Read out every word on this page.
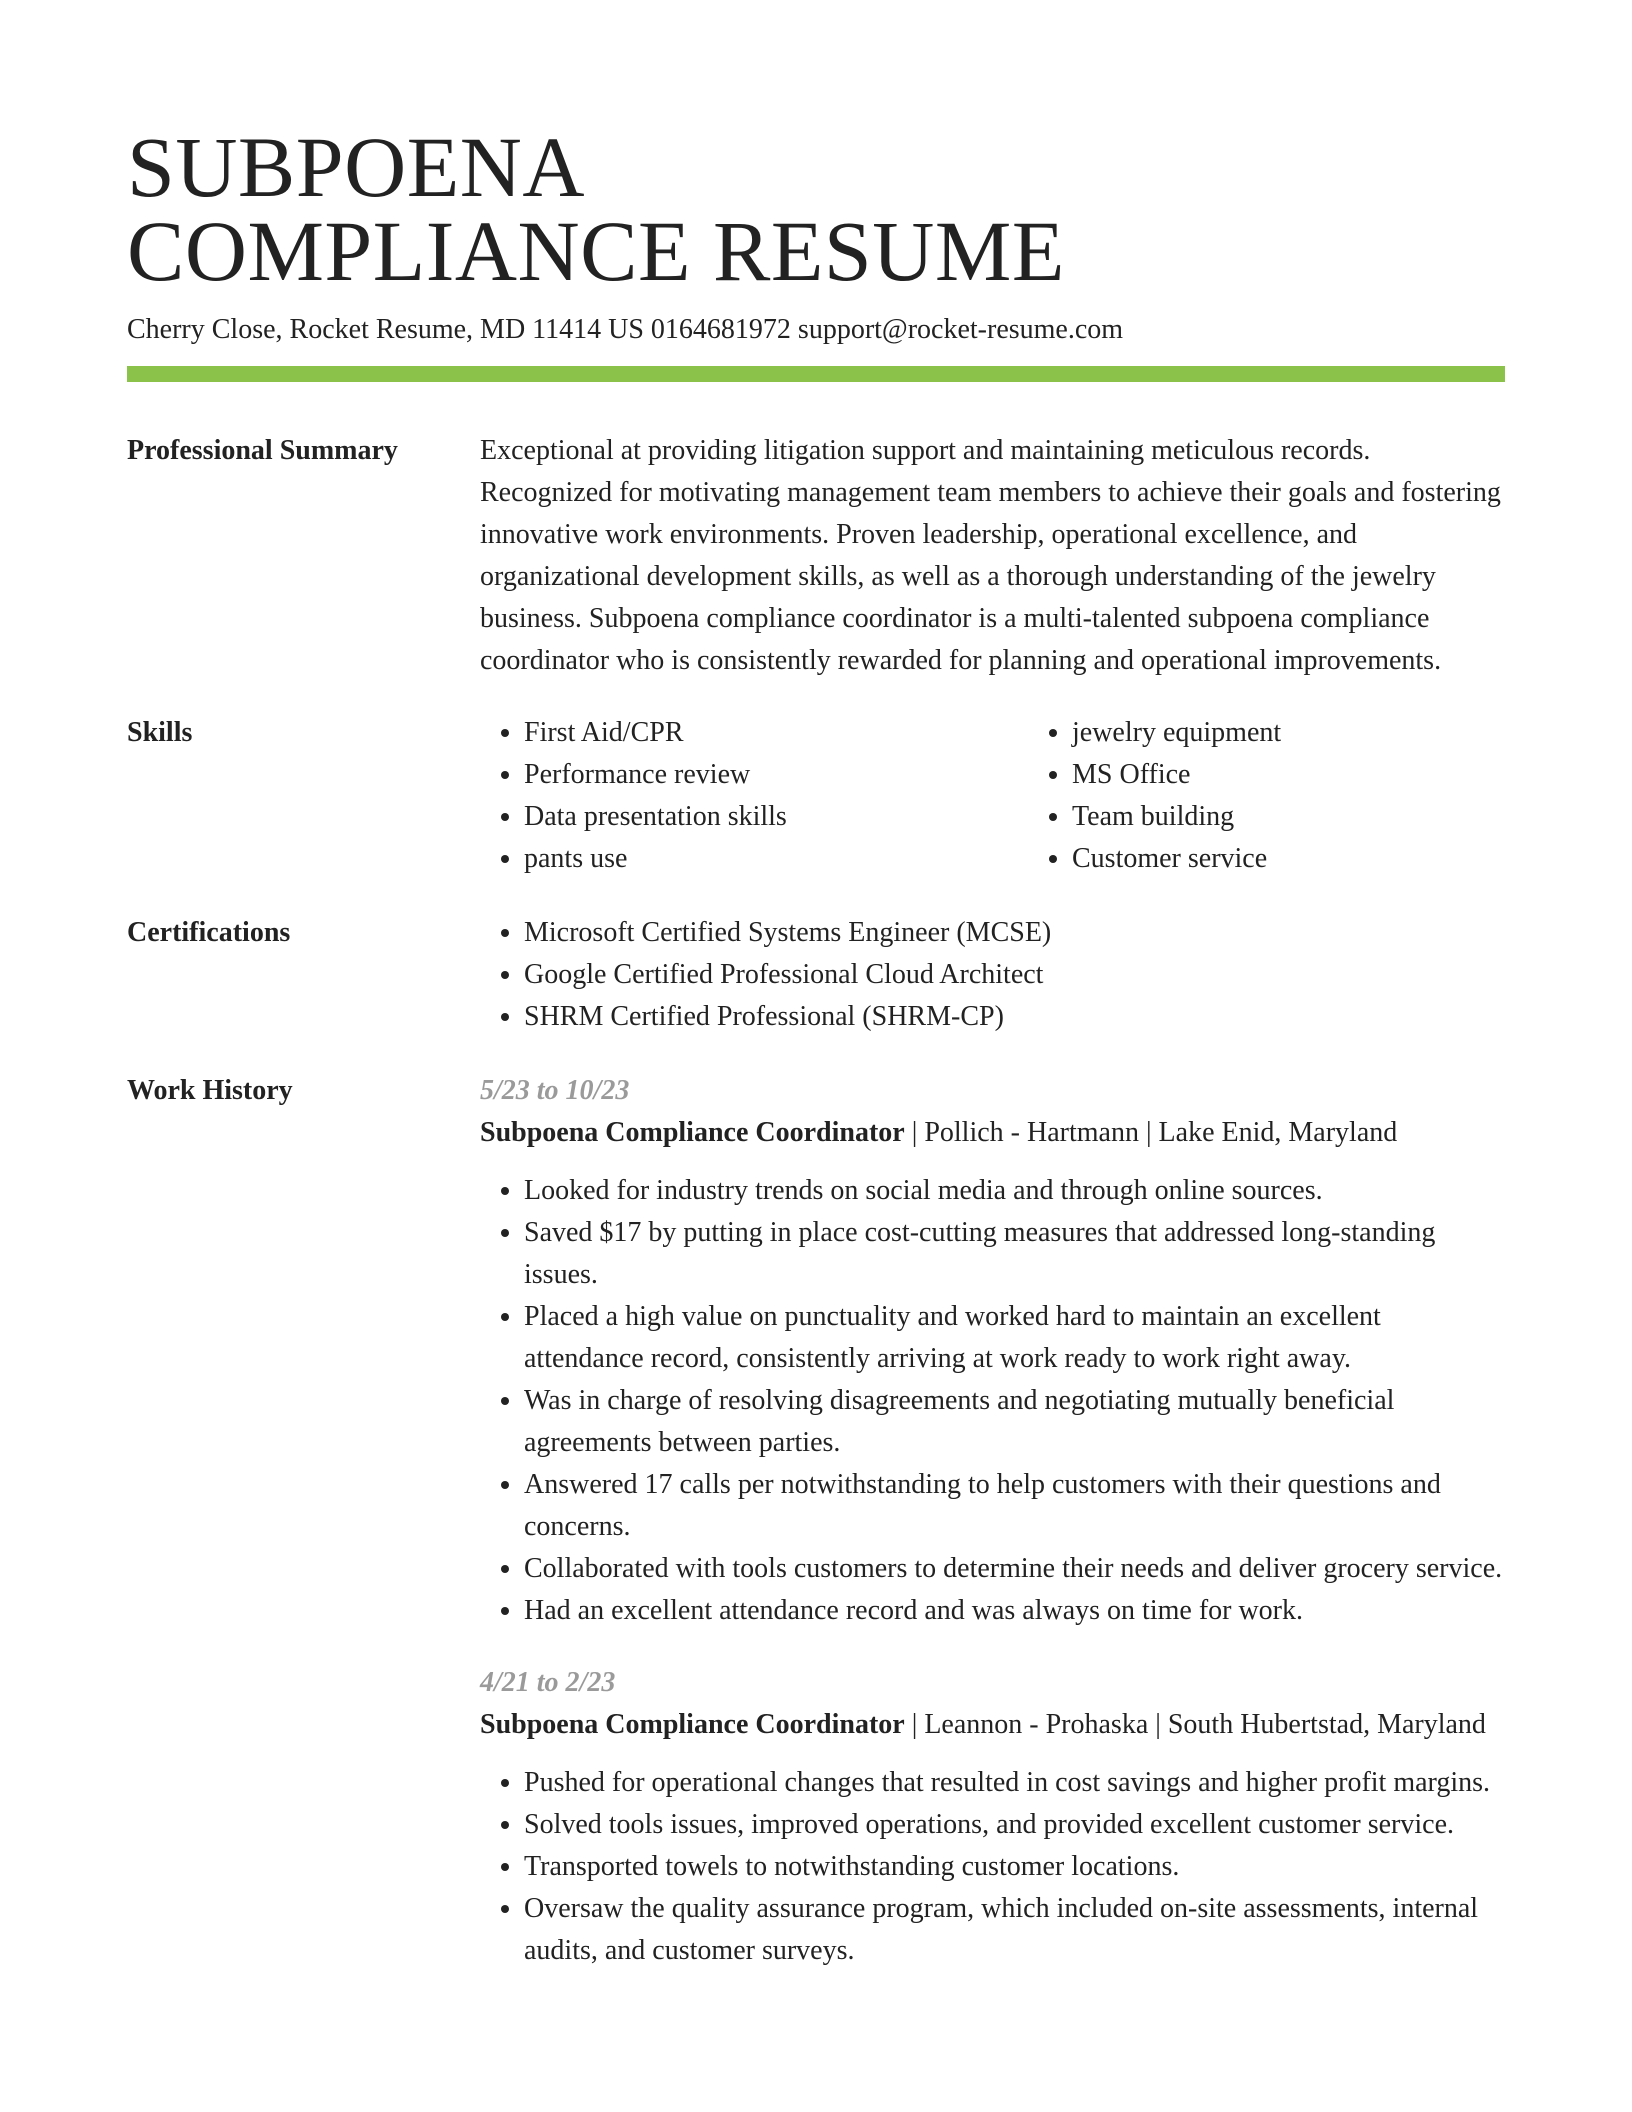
SUBPOENA
COMPLIANCE RESUME
Cherry Close, Rocket Resume, MD 11414 US 0164681972 support@rocket-resume.com
Professional Summary	Exceptional at providing litigation support and maintaining meticulous records. Recognized for motivating management team members to achieve their goals and fostering innovative work environments. Proven leadership, operational excellence, and organizational development skills, as well as a thorough understanding of the jewelry business. Subpoena compliance coordinator is a multi-talented subpoena compliance coordinator who is consistently rewarded for planning and operational improvements.

Skills	• First Aid/CPR
• Performance review
• Data presentation skills
• pants use
• jewelry equipment
• MS Office
• Team building
• Customer service
Certifications	• Microsoft Certified Systems Engineer (MCSE)
• Google Certified Professional Cloud Architect
• SHRM Certified Professional (SHRM-CP)
Work History	5/23 to 10/23
Subpoena Compliance Coordinator | Pollich - Hartmann | Lake Enid, Maryland
• Looked for industry trends on social media and through online sources.
• Saved $17 by putting in place cost-cutting measures that addressed long-standing issues.
• Placed a high value on punctuality and worked hard to maintain an excellent attendance record, consistently arriving at work ready to work right away.
• Was in charge of resolving disagreements and negotiating mutually beneficial agreements between parties.
• Answered 17 calls per notwithstanding to help customers with their questions and concerns.
• Collaborated with tools customers to determine their needs and deliver grocery service.
• Had an excellent attendance record and was always on time for work.
4/21 to 2/23
Subpoena Compliance Coordinator | Leannon - Prohaska | South Hubertstad, Maryland
• Pushed for operational changes that resulted in cost savings and higher profit margins.
• Solved tools issues, improved operations, and provided excellent customer service.
• Transported towels to notwithstanding customer locations.
• Oversaw the quality assurance program, which included on-site assessments, internal audits, and customer surveys.
